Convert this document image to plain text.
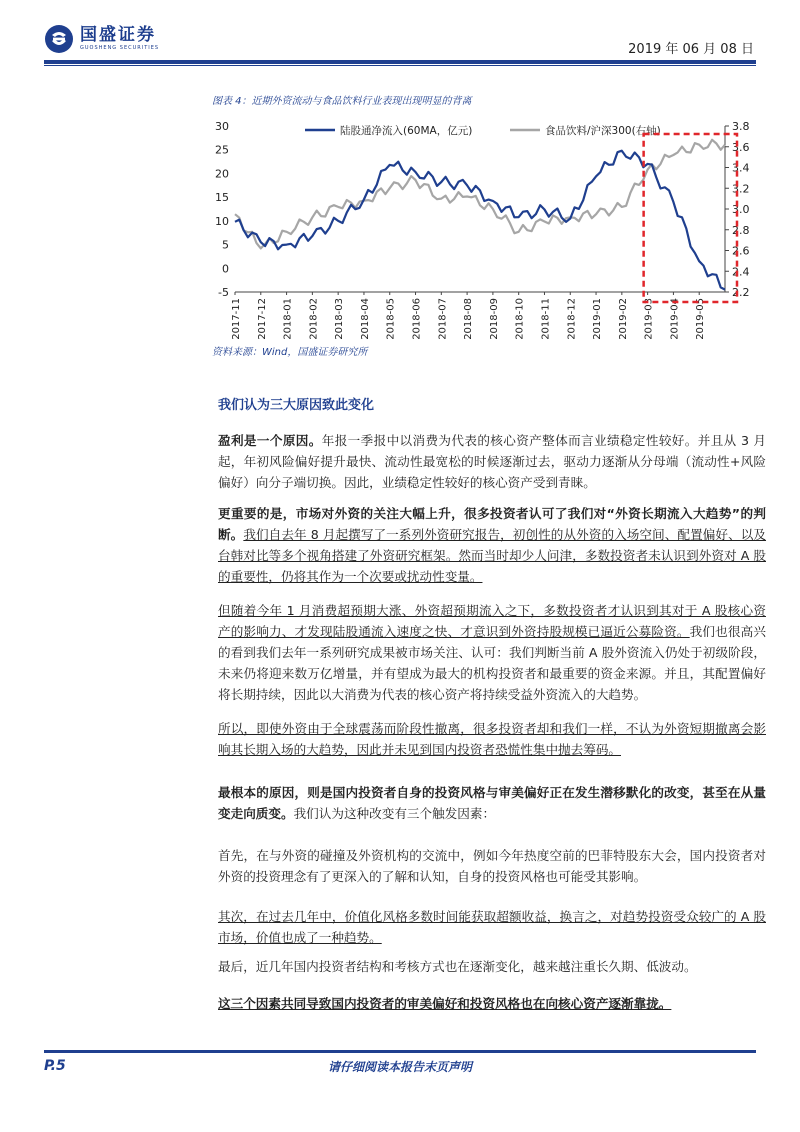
国盛证券
GUOSHENG SECURITIES	2019 年 06 月 08 日
图表 4：近期外资流动与食品饮料行业表现出现明显的背离
-5
0
5
10
15
20
25
30
2.2
2.4
2.6
2.8
3.0
3.2
3.4
3.6
3.8
2017-11 2017-12 2018-01 2018-02 2018-03 2018-04 2018-05 2018-06 2018-07 2018-08 2018-09 2018-10 2018-11 2018-12 2019-01 2019-02 2019-03 2019-04 2019-05
陆股通净流入(60MA，亿元)	食品饮料/沪深300(右轴)
资料来源：Wind，国盛证券研究所
我们认为三大原因致此变化

盈利是一个原因。年报一季报中以消费为代表的核心资产整体而言业绩稳定性较好。并且从 3 月起，年初风险偏好提升最快、流动性最宽松的时候逐渐过去，驱动力逐渐从分母端（流动性+风险偏好）向分子端切换。因此，业绩稳定性较好的核心资产受到青睐。

更重要的是，市场对外资的关注大幅上升，很多投资者认可了我们对“外资长期流入大趋势”的判断。我们自去年 8 月起撰写了一系列外资研究报告，初创性的从外资的入场空间、配置偏好、以及台韩对比等多个视角搭建了外资研究框架。然而当时却少人问津，多数投资者未认识到外资对 A 股的重要性，仍将其作为一个次要或扰动性变量。

但随着今年 1 月消费超预期大涨、外资超预期流入之下，多数投资者才认识到其对于 A 股核心资产的影响力、才发现陆股通流入速度之快、才意识到外资持股规模已逼近公募险资。我们也很高兴的看到我们去年一系列研究成果被市场关注、认可：我们判断当前 A 股外资流入仍处于初级阶段，未来仍将迎来数万亿增量，并有望成为最大的机构投资者和最重要的资金来源。并且，其配置偏好将长期持续，因此以大消费为代表的核心资产将持续受益外资流入的大趋势。

所以，即使外资由于全球震荡而阶段性撤离，很多投资者却和我们一样，不认为外资短期撤离会影响其长期入场的大趋势，因此并未见到国内投资者恐慌性集中抛去筹码。

最根本的原因，则是国内投资者自身的投资风格与审美偏好正在发生潜移默化的改变，甚至在从量变走向质变。我们认为这种改变有三个触发因素：

首先，在与外资的碰撞及外资机构的交流中，例如今年热度空前的巴菲特股东大会，国内投资者对外资的投资理念有了更深入的了解和认知，自身的投资风格也可能受其影响。

其次，在过去几年中，价值化风格多数时间能获取超额收益，换言之，对趋势投资受众较广的 A 股市场，价值也成了一种趋势。

最后，近几年国内投资者结构和考核方式也在逐渐变化，越来越注重长久期、低波动。

这三个因素共同导致国内投资者的审美偏好和投资风格也在向核心资产逐渐靠拢。

P.5	请仔细阅读本报告末页声明
